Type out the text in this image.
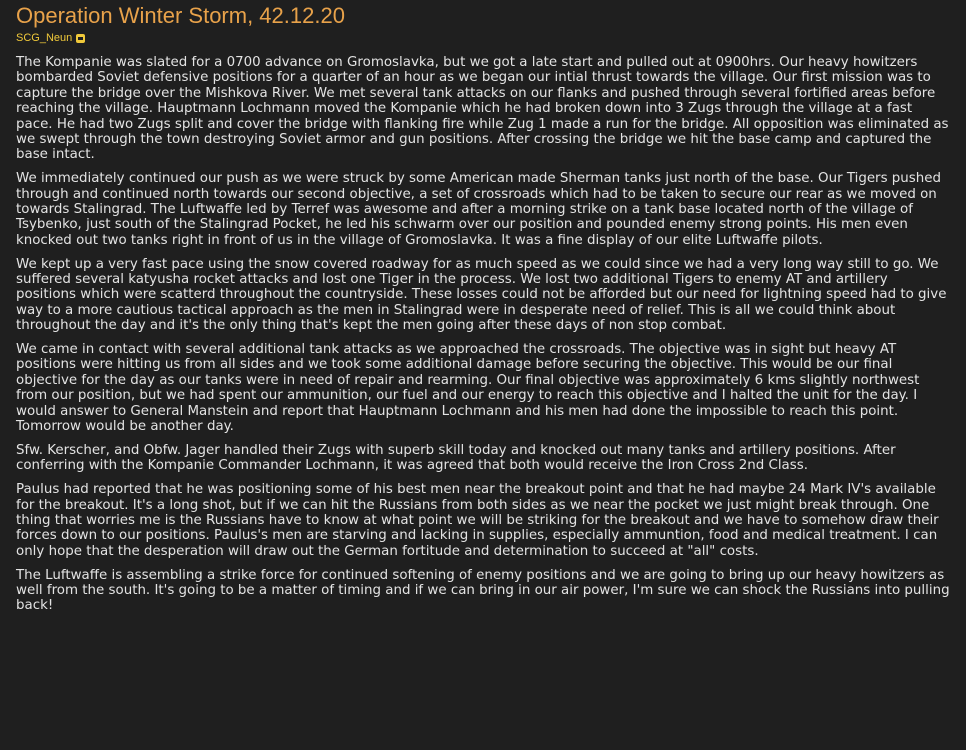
Operation Winter Storm, 42.12.20
SCG_Neun

The Kompanie was slated for a 0700 advance on Gromoslavka, but we got a late start and pulled out at 0900hrs. Our heavy howitzers bombarded Soviet defensive positions for a quarter of an hour as we began our intial thrust towards the village. Our first mission was to capture the bridge over the Mishkova River. We met several tank attacks on our flanks and pushed through several fortified areas before reaching the village. Hauptmann Lochmann moved the Kompanie which he had broken down into 3 Zugs through the village at a fast pace. He had two Zugs split and cover the bridge with flanking fire while Zug 1 made a run for the bridge. All opposition was eliminated as we swept through the town destroying Soviet armor and gun positions. After crossing the bridge we hit the base camp and captured the base intact.

We immediately continued our push as we were struck by some American made Sherman tanks just north of the base. Our Tigers pushed through and continued north towards our second objective, a set of crossroads which had to be taken to secure our rear as we moved on towards Stalingrad. The Luftwaffe led by Terref was awesome and after a morning strike on a tank base located north of the village of Tsybenko, just south of the Stalingrad Pocket, he led his schwarm over our position and pounded enemy strong points. His men even knocked out two tanks right in front of us in the village of Gromoslavka. It was a fine display of our elite Luftwaffe pilots.

We kept up a very fast pace using the snow covered roadway for as much speed as we could since we had a very long way still to go. We suffered several katyusha rocket attacks and lost one Tiger in the process. We lost two additional Tigers to enemy AT and artillery positions which were scatterd throughout the countryside. These losses could not be afforded but our need for lightning speed had to give way to a more cautious tactical approach as the men in Stalingrad were in desperate need of relief. This is all we could think about throughout the day and it's the only thing that's kept the men going after these days of non stop combat.

We came in contact with several additional tank attacks as we approached the crossroads. The objective was in sight but heavy AT positions were hitting us from all sides and we took some additional damage before securing the objective. This would be our final objective for the day as our tanks were in need of repair and rearming. Our final objective was approximately 6 kms slightly northwest from our position, but we had spent our ammunition, our fuel and our energy to reach this objective and I halted the unit for the day. I would answer to General Manstein and report that Hauptmann Lochmann and his men had done the impossible to reach this point. Tomorrow would be another day.

Sfw. Kerscher, and Obfw. Jager handled their Zugs with superb skill today and knocked out many tanks and artillery positions. After conferring with the Kompanie Commander Lochmann, it was agreed that both would receive the Iron Cross 2nd Class.

Paulus had reported that he was positioning some of his best men near the breakout point and that he had maybe 24 Mark IV's available for the breakout. It's a long shot, but if we can hit the Russians from both sides as we near the pocket we just might break through. One thing that worries me is the Russians have to know at what point we will be striking for the breakout and we have to somehow draw their forces down to our positions. Paulus's men are starving and lacking in supplies, especially ammuntion, food and medical treatment. I can only hope that the desperation will draw out the German fortitude and determination to succeed at "all" costs.

The Luftwaffe is assembling a strike force for continued softening of enemy positions and we are going to bring up our heavy howitzers as well from the south. It's going to be a matter of timing and if we can bring in our air power, I'm sure we can shock the Russians into pulling back!
